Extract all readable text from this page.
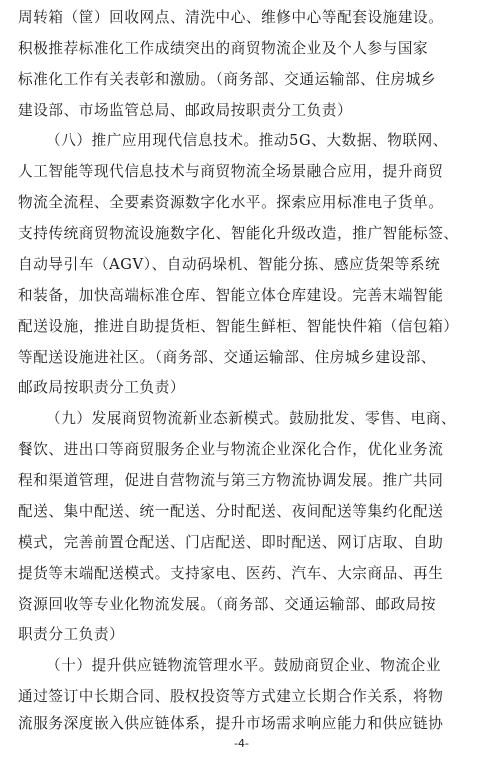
周转箱（筐）回收网点、清洗中心、维修中心等配套设施建设。
积极推荐标准化工作成绩突出的商贸物流企业及个人参与国家
标准化工作有关表彰和激励。（商务部、交通运输部、住房城乡
建设部、市场监管总局、邮政局按职责分工负责）
（八）推广应用现代信息技术。推动5G、大数据、物联网、
人工智能等现代信息技术与商贸物流全场景融合应用，提升商贸
物流全流程、全要素资源数字化水平。探索应用标准电子货单。
支持传统商贸物流设施数字化、智能化升级改造，推广智能标签、
自动导引车（AGV）、自动码垛机、智能分拣、感应货架等系统
和装备，加快高端标准仓库、智能立体仓库建设。完善末端智能
配送设施，推进自助提货柜、智能生鲜柜、智能快件箱（信包箱）
等配送设施进社区。（商务部、交通运输部、住房城乡建设部、
邮政局按职责分工负责）
（九）发展商贸物流新业态新模式。鼓励批发、零售、电商、
餐饮、进出口等商贸服务企业与物流企业深化合作，优化业务流
程和渠道管理，促进自营物流与第三方物流协调发展。推广共同
配送、集中配送、统一配送、分时配送、夜间配送等集约化配送
模式，完善前置仓配送、门店配送、即时配送、网订店取、自助
提货等末端配送模式。支持家电、医药、汽车、大宗商品、再生
资源回收等专业化物流发展。（商务部、交通运输部、邮政局按
职责分工负责）
（十）提升供应链物流管理水平。鼓励商贸企业、物流企业
通过签订中长期合同、股权投资等方式建立长期合作关系，将物
流服务深度嵌入供应链体系，提升市场需求响应能力和供应链协
-4-
